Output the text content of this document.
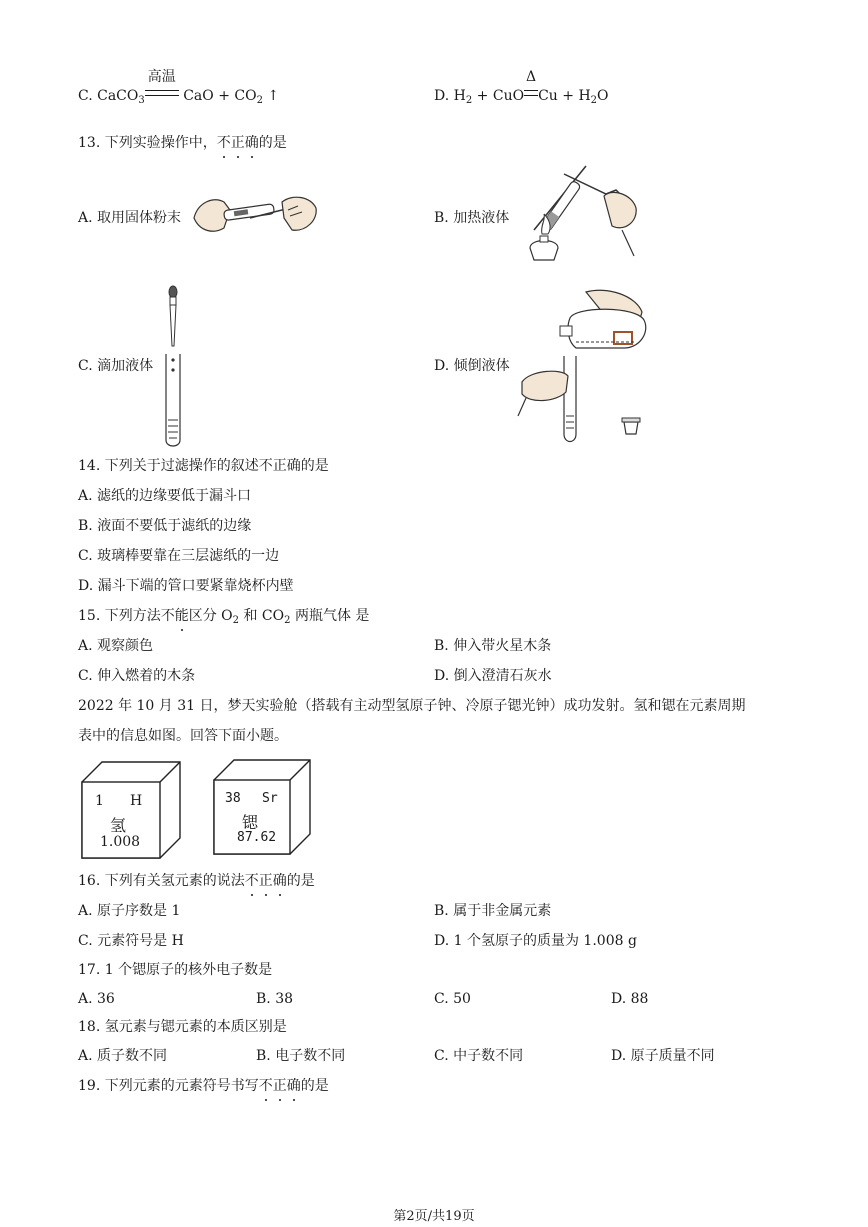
C. CaCO$_3$
高温
CaO + $CO_2$ ↑	D. $H_2$ + CuO
Δ
$Cu + H_2O$
13. 下列实验操作中，不正确的是
A. 取用固体粉末	B. 加热液体
C. 滴加液体	D. 倾倒液体
14. 下列关于过滤操作的叙述不正确的是
A. 滤纸的边缘要低于漏斗口
B. 液面不要低于滤纸的边缘
C. 玻璃棒要靠在三层滤纸的一边
D. 漏斗下端的管口要紧靠烧杯内壁
15. 下列方法不能区分 $O_2$ 和 $CO_2$ 两瓶气体 是
A. 观察颜色	B. 伸入带火星木条
C. 伸入燃着的木条	D. 倒入澄清石灰水
2022 年 10 月 31 日，梦天实验舱（搭载有主动型氢原子钟、冷原子锶光钟）成功发射。氢和锶在元素周期
表中的信息如图。回答下面小题。
1 H
氢
1.008
38 Sr
锶
87.62
16. 下列有关氢元素的说法不正确的是
A. 原子序数是 1	B. 属于非金属元素
C. 元素符号是 H	D. 1 个氢原子的质量为 1.008 g
17. 1 个锶原子的核外电子数是
A. 36	B. 38	C. 50	D. 88
18. 氢元素与锶元素的本质区别是
A. 质子数不同	B. 电子数不同	C. 中子数不同	D. 原子质量不同
19. 下列元素的元素符号书写不正确的是
第2页/共19页
